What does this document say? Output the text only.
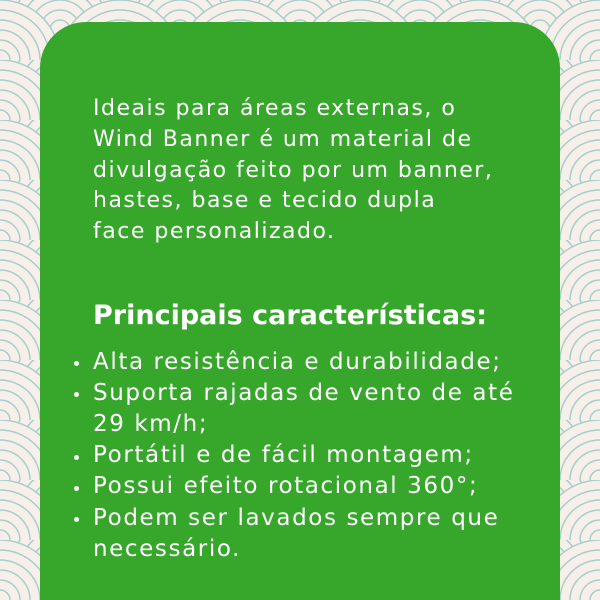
Ideais para áreas externas, o
Wind Banner é um material de
divulgação feito por um banner,
hastes, base e tecido dupla
face personalizado.
Principais características:
Alta resistência e durabilidade;
Suporta rajadas de vento de até
29 km/h;
Portátil e de fácil montagem;
Possui efeito rotacional 360°;
Podem ser lavados sempre que
necessário.
